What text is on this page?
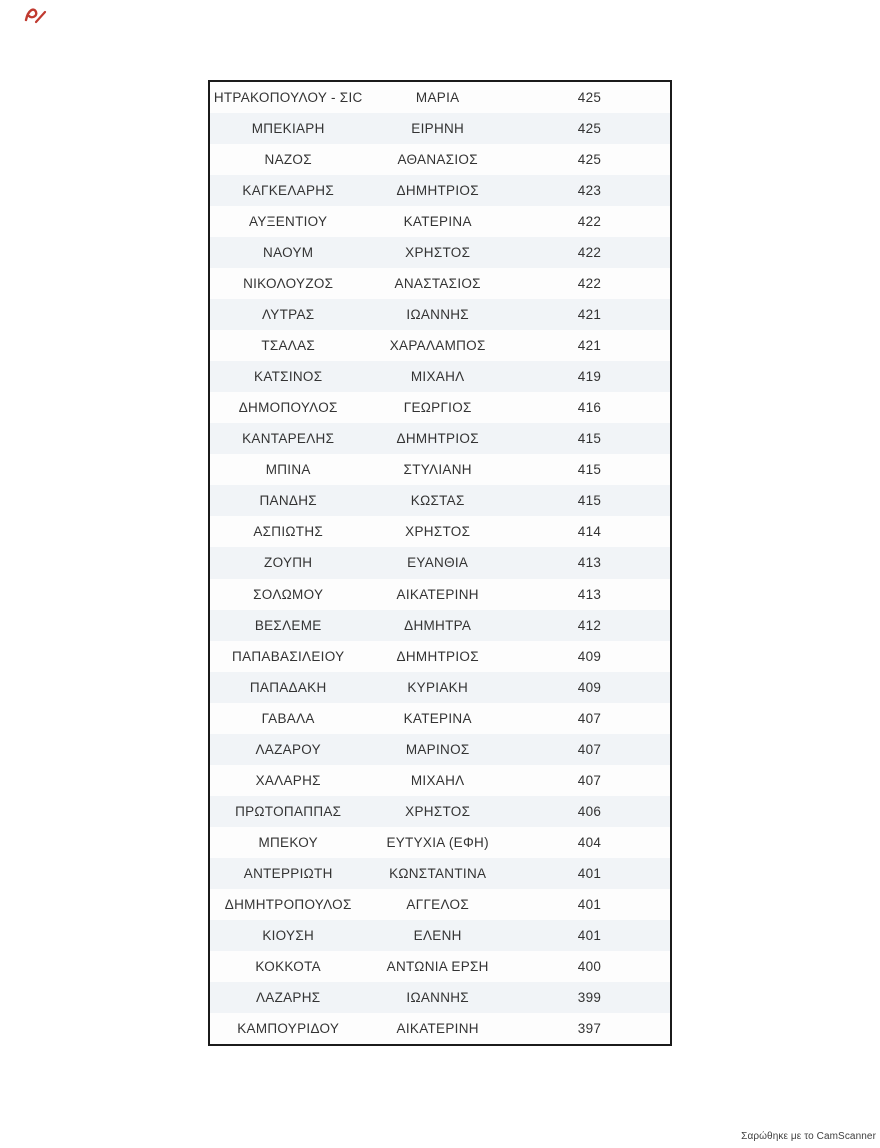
ΗΤΡΑΚΟΠΟΥΛΟΥ - ΣΙC	ΜΑΡΙΑ	425
ΜΠΕΚΙΑΡΗ	ΕΙΡΗΝΗ	425
ΝΑΖΟΣ	ΑΘΑΝΑΣΙΟΣ	425
ΚΑΓΚΕΛΑΡΗΣ	ΔΗΜΗΤΡΙΟΣ	423
ΑΥΞΕΝΤΙΟΥ	ΚΑΤΕΡΙΝΑ	422
ΝΑΟΥΜ	ΧΡΗΣΤΟΣ	422
ΝΙΚΟΛΟΥΖΟΣ	ΑΝΑΣΤΑΣΙΟΣ	422
ΛΥΤΡΑΣ	ΙΩΑΝΝΗΣ	421
ΤΣΑΛΑΣ	ΧΑΡΑΛΑΜΠΟΣ	421
ΚΑΤΣΙΝΟΣ	ΜΙΧΑΗΛ	419
ΔΗΜΟΠΟΥΛΟΣ	ΓΕΩΡΓΙΟΣ	416
ΚΑΝΤΑΡΕΛΗΣ	ΔΗΜΗΤΡΙΟΣ	415
ΜΠΙΝΑ	ΣΤΥΛΙΑΝΗ	415
ΠΑΝΔΗΣ	ΚΩΣΤΑΣ	415
ΑΣΠΙΩΤΗΣ	ΧΡΗΣΤΟΣ	414
ΖΟΥΠΗ	ΕΥΑΝΘΙΑ	413
ΣΟΛΩΜΟΥ	ΑΙΚΑΤΕΡΙΝΗ	413
ΒΕΣΛΕΜΕ	ΔΗΜΗΤΡΑ	412
ΠΑΠΑΒΑΣΙΛΕΙΟΥ	ΔΗΜΗΤΡΙΟΣ	409
ΠΑΠΑΔΑΚΗ	ΚΥΡΙΑΚΗ	409
ΓΑΒΑΛΑ	ΚΑΤΕΡΙΝΑ	407
ΛΑΖΑΡΟΥ	ΜΑΡΙΝΟΣ	407
ΧΑΛΑΡΗΣ	ΜΙΧΑΗΛ	407
ΠΡΩΤΟΠΑΠΠΑΣ	ΧΡΗΣΤΟΣ	406
ΜΠΕΚΟΥ	ΕΥΤΥΧΙΑ (ΕΦΗ)	404
ΑΝΤΕΡΡΙΩΤΗ	ΚΩΝΣΤΑΝΤΙΝΑ	401
ΔΗΜΗΤΡΟΠΟΥΛΟΣ	ΑΓΓΕΛΟΣ	401
ΚΙΟΥΣΗ	ΕΛΕΝΗ	401
ΚΟΚΚΟΤΑ	ΑΝΤΩΝΙΑ ΕΡΣΗ	400
ΛΑΖΑΡΗΣ	ΙΩΑΝΝΗΣ	399
ΚΑΜΠΟΥΡΙΔΟΥ	ΑΙΚΑΤΕΡΙΝΗ	397
Σαρώθηκε με το CamScanner
